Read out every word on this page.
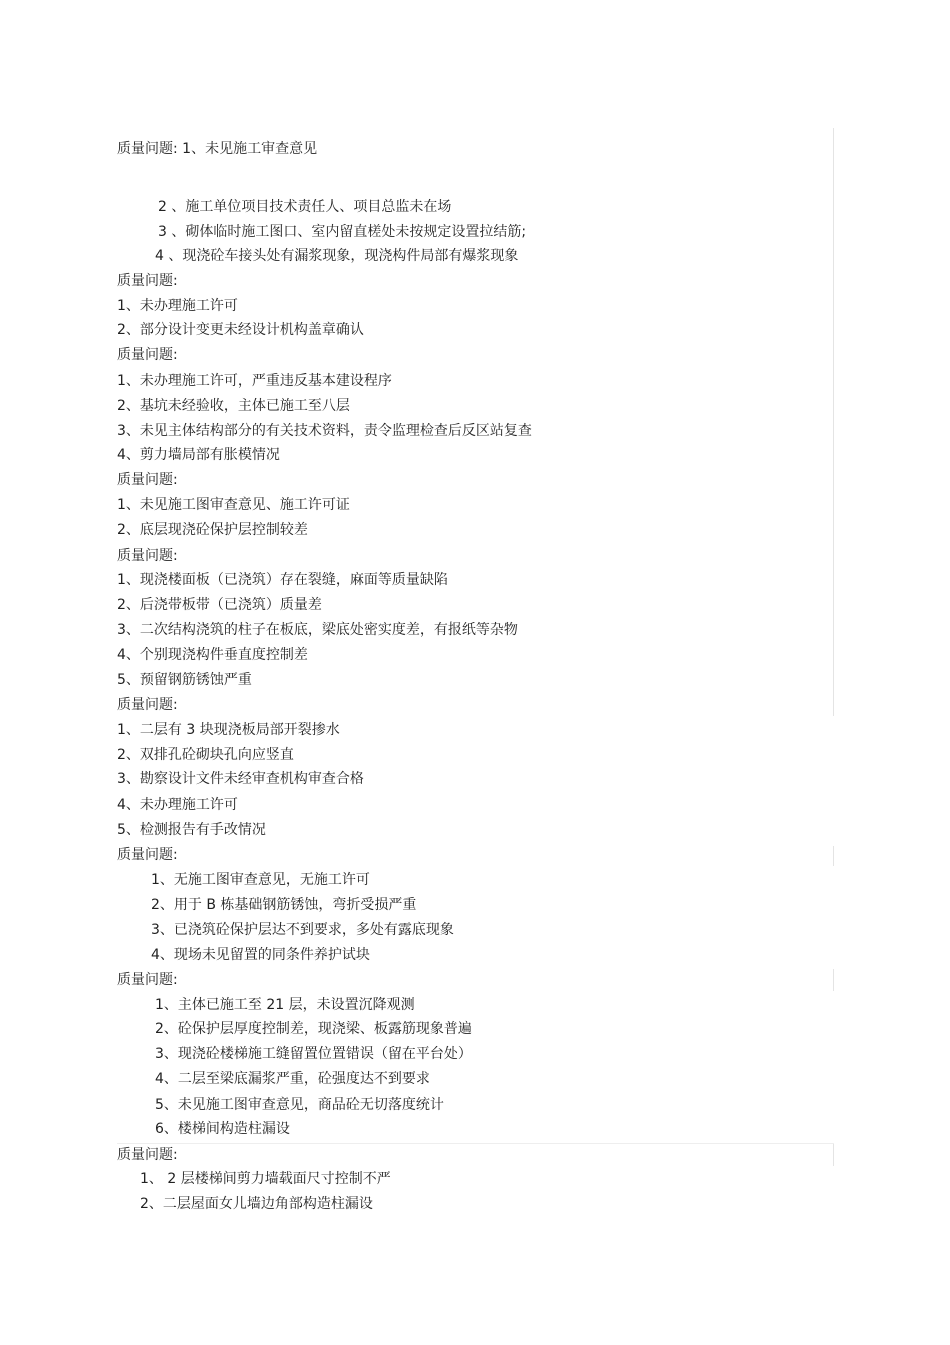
质量问题: 1、未见施工审查意见
2 、施工单位项目技术责任人、项目总监未在场
3 、砌体临时施工图口、室内留直槎处未按规定设置拉结筋;
4 、现浇砼车接头处有漏浆现象，现浇构件局部有爆浆现象
质量问题:
1、未办理施工许可
2、部分设计变更未经设计机构盖章确认
质量问题:
1、未办理施工许可，严重违反基本建设程序
2、基坑未经验收，主体已施工至八层
3、未见主体结构部分的有关技术资料，责令监理检查后反区站复查
4、剪力墙局部有胀模情况
质量问题:
1、未见施工图审查意见、施工许可证
2、底层现浇砼保护层控制较差
质量问题:
1、现浇楼面板（已浇筑）存在裂缝，麻面等质量缺陷
2、后浇带板带（已浇筑）质量差
3、二次结构浇筑的柱子在板底，梁底处密实度差，有报纸等杂物
4、个别现浇构件垂直度控制差
5、预留钢筋锈蚀严重
质量问题:
1、二层有 3 块现浇板局部开裂掺水
2、双排孔砼砌块孔向应竖直
3、勘察设计文件未经审查机构审查合格
4、未办理施工许可
5、检测报告有手改情况
质量问题:
1、无施工图审查意见，无施工许可
2、用于 B 栋基础钢筋锈蚀，弯折受损严重
3、已浇筑砼保护层达不到要求，多处有露底现象
4、现场未见留置的同条件养护试块
质量问题:
1、主体已施工至 21 层，未设置沉降观测
2、砼保护层厚度控制差，现浇梁、板露筋现象普遍
3、现浇砼楼梯施工缝留置位置错误（留在平台处）
4、二层至梁底漏浆严重，砼强度达不到要求
5、未见施工图审查意见，商品砼无切落度统计
6、楼梯间构造柱漏设
质量问题:
1、 2 层楼梯间剪力墙载面尺寸控制不严
2、二层屋面女儿墙边角部构造柱漏设
